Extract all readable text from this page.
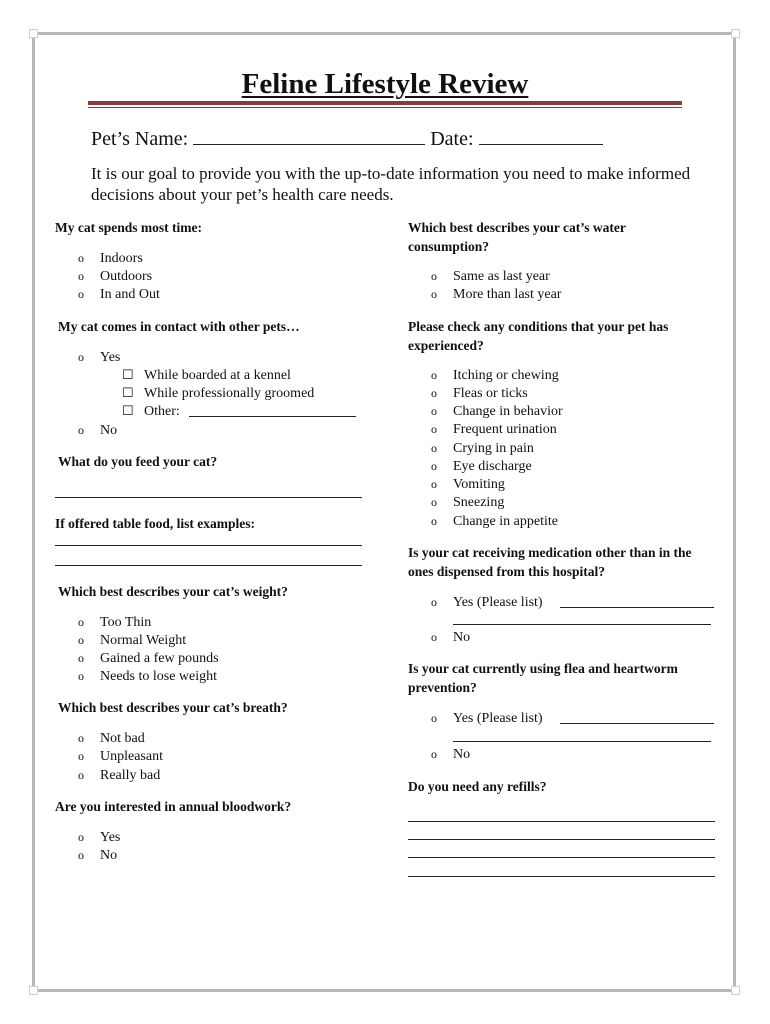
Feline Lifestyle Review
Pet’s Name:	Date:
It is our goal to provide you with the up-to-date information you need to make informed decisions about your pet’s health care needs.
My cat spends most time:
o Indoors
o Outdoors
o In and Out
My cat comes in contact with other pets…
o Yes
☐ While boarded at a kennel
☐ While professionally groomed
☐ Other:
o No
What do you feed your cat?
If offered table food, list examples:
Which best describes your cat’s weight?
o Too Thin
o Normal Weight
o Gained a few pounds
o Needs to lose weight
Which best describes your cat’s breath?
o Not bad
o Unpleasant
o Really bad
Are you interested in annual bloodwork?
o Yes
o No
Which best describes your cat’s water consumption?
o Same as last year
o More than last year
Please check any conditions that your pet has experienced?
o Itching or chewing
o Fleas or ticks
o Change in behavior
o Frequent urination
o Crying in pain
o Eye discharge
o Vomiting
o Sneezing
o Change in appetite
Is your cat receiving medication other than in the ones dispensed from this hospital?
o Yes (Please list)
o No
Is your cat currently using flea and heartworm prevention?
o Yes (Please list)
o No
Do you need any refills?
